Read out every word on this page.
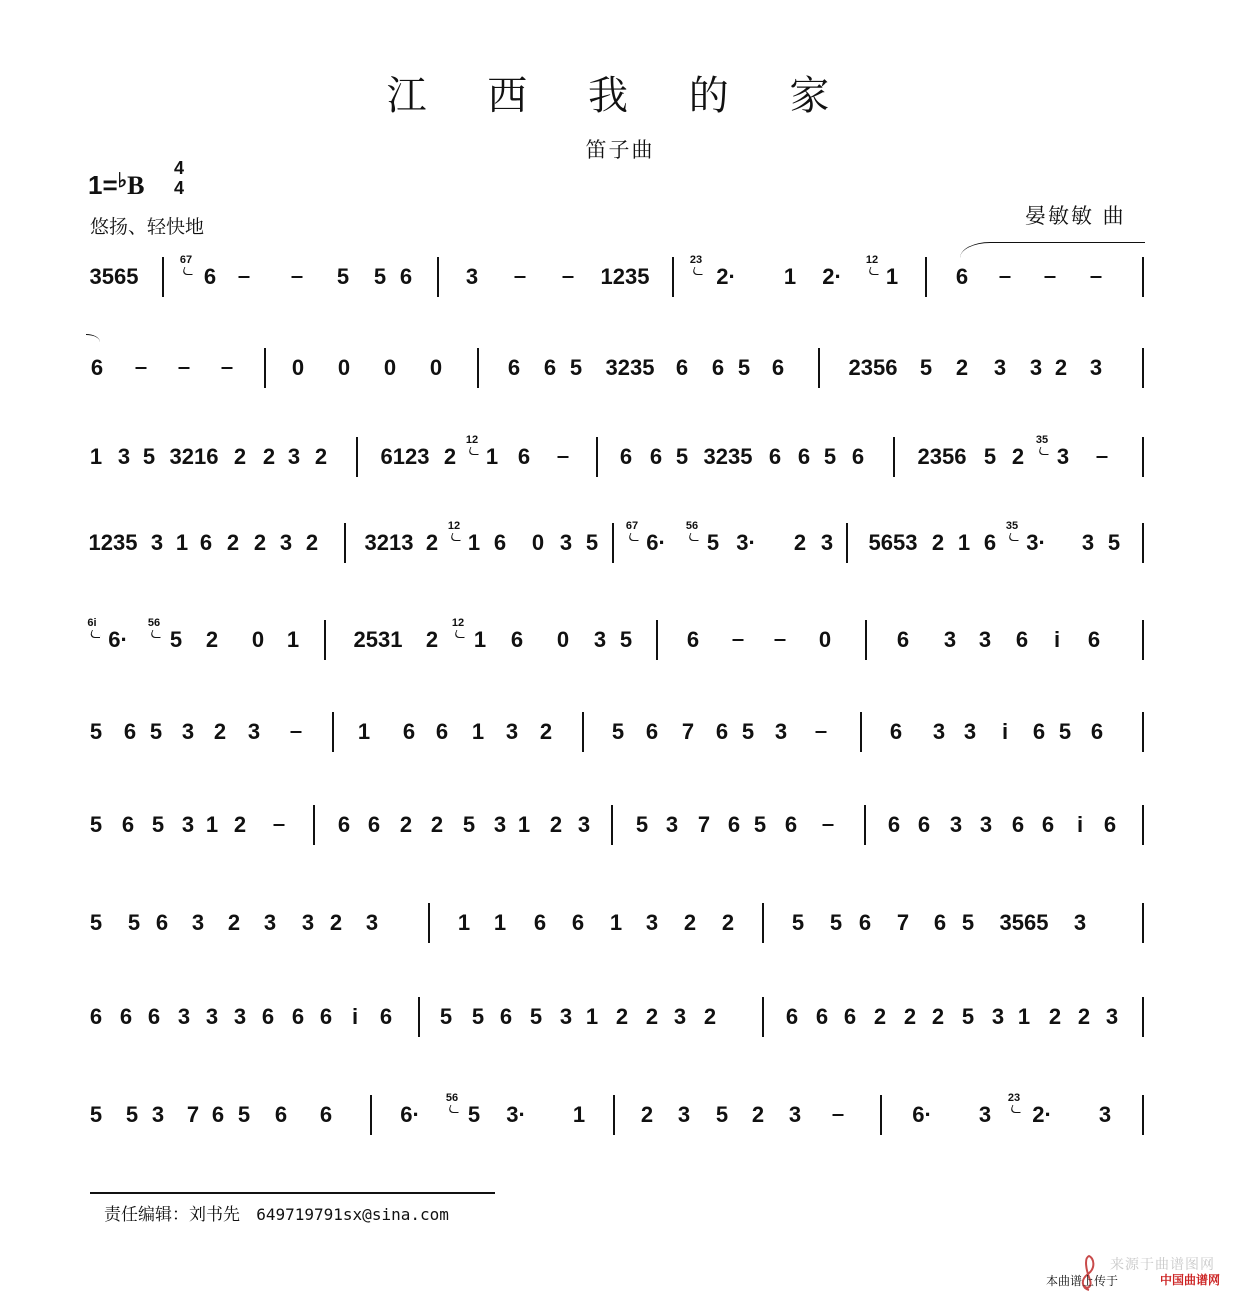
江 西 我 的 家
笛子曲
1=♭B
4
4
悠扬、轻快地	晏敏敏 曲
3565
67
6	5 5 6 3	1235
23
2· 1 2·
12
1	6
6	0 0 0 0	6 6 5 3235 6 6 5 6	2356 5 2 3 3 2 3
1 3 5 3216 2 2 3 2 6123 2
12
1 6	6 6 5 3235 6 6 5 6 2356 5 2
35
3
1235 3 1 6 2 2 3 2 3213 2
12
1 6 0 3 5
67
6·
56
5 3· 2 3 5653 2 1 6
35
3· 3 5
6i
6·
56
5 2 0 1 2531 2
12
1 6 0 3 5 6	0	6 3 3 6 i 6
5 6 5 3 2 3	1 6 6 1 3 2	5 6 7 6 5 3	6 3 3 i 6 5 6
5 6 5 3 1 2	6 6 2 2 5 3 1 2 3 5 3 7 6 5 6	6 6 3 3 6 6 i 6
5 5 6 3 2 3 3 2 3	1 1 6 6 1 3 2 2	5 5 6 7 6 5 3565 3
6 6 6 3 3 3 6 6 6 i 6 5 5 6 5 3 1 2 2 3 2	6 6 6 2 2 2 5 3 1 2 2 3
5 5 3 7 6 5 6 6	6·
56
5 3· 1	2 3 5 2 3	6· 3
23
2· 3
责任编辑：刘书先 649719791sx@sina.com
来源于曲谱图网
本曲谱上传于	中国曲谱网
